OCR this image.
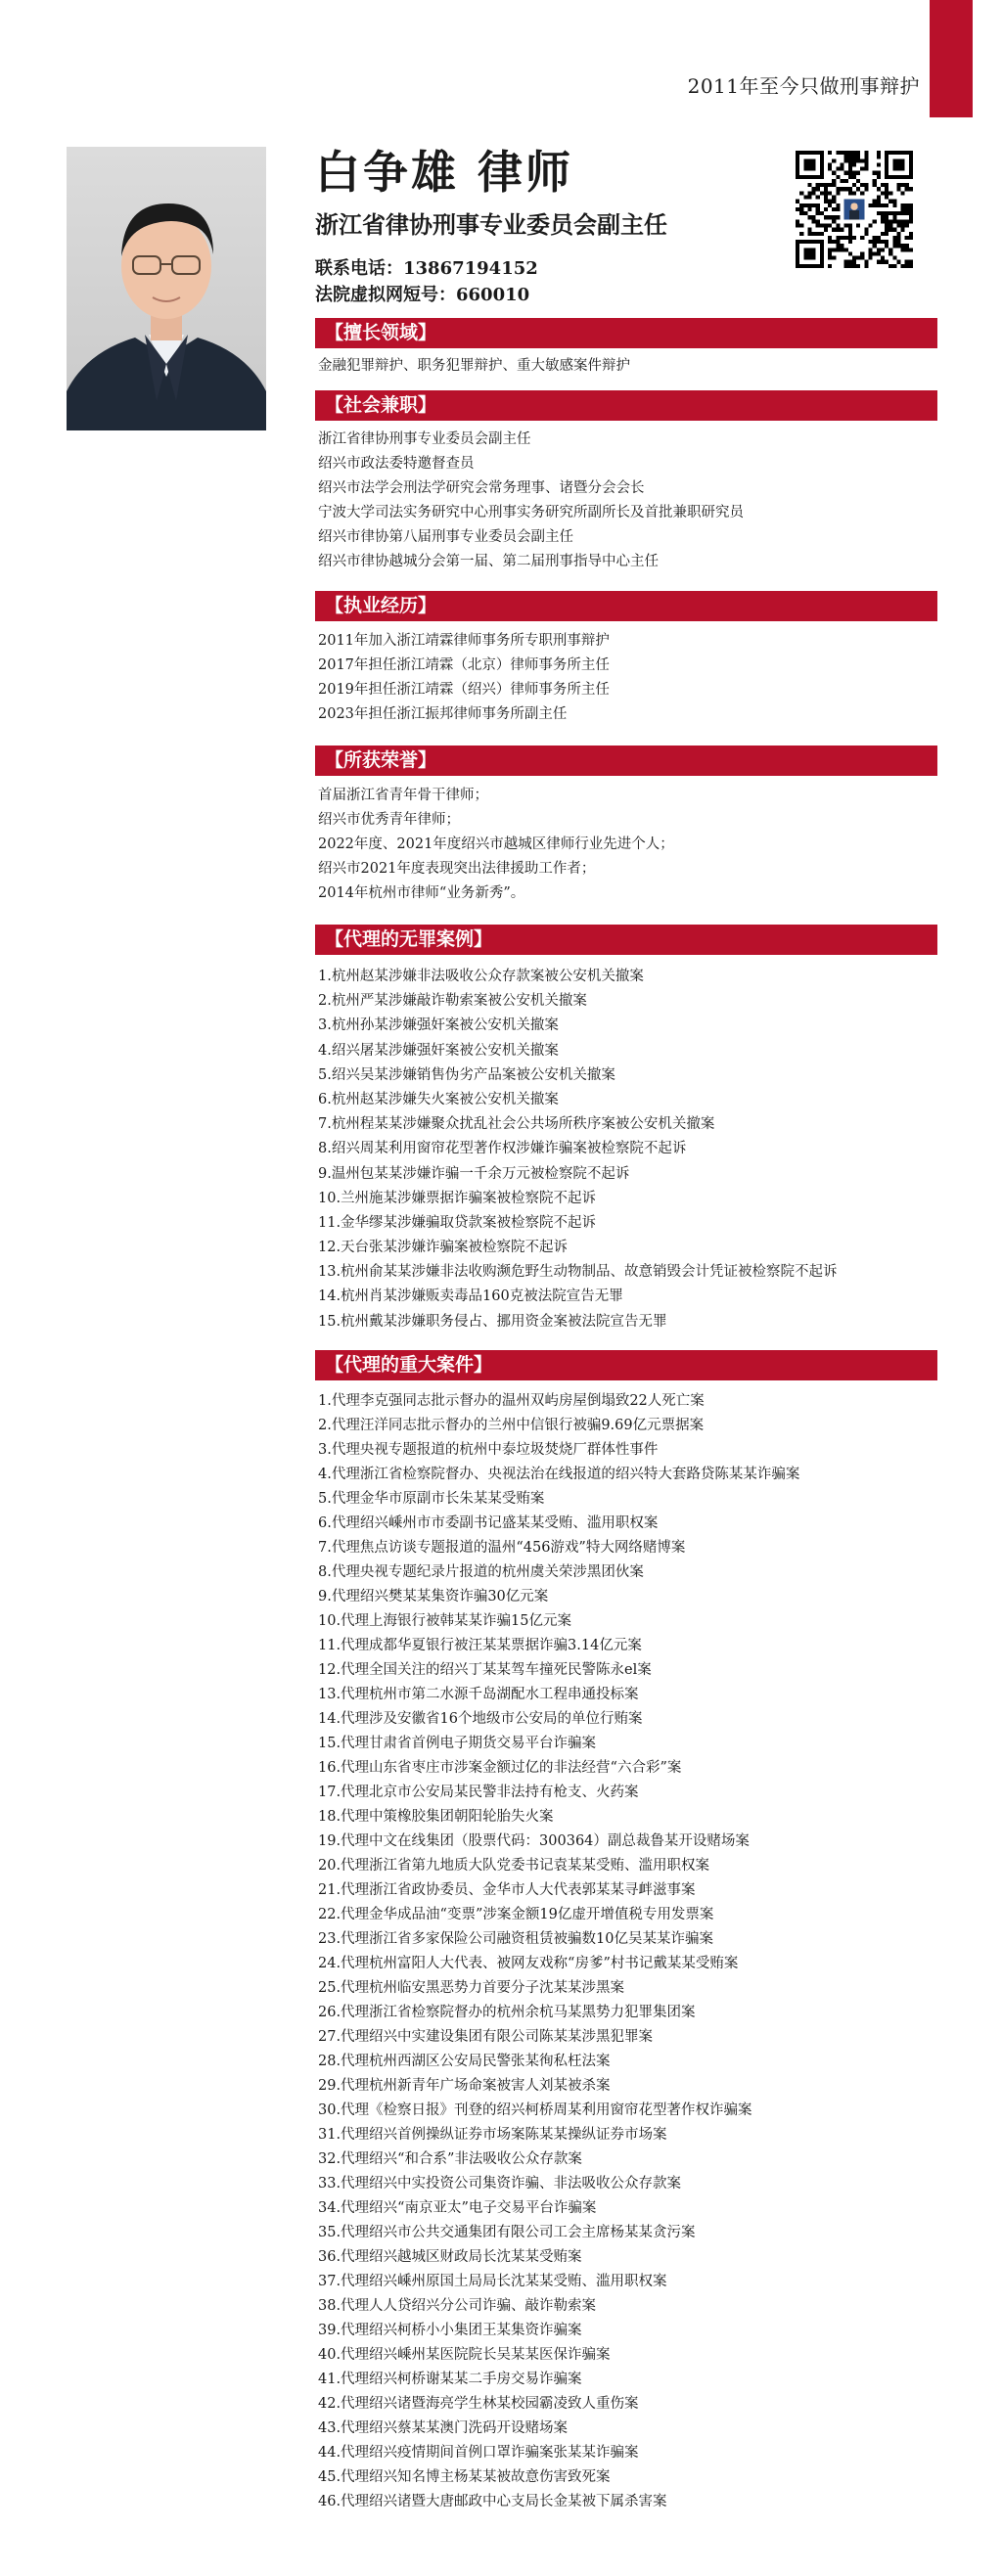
2011年至今只做刑事辩护
白争雄 律师
浙江省律协刑事专业委员会副主任
联系电话：13867194152
法院虚拟网短号：660010
【擅长领域】
金融犯罪辩护、职务犯罪辩护、重大敏感案件辩护
【社会兼职】
浙江省律协刑事专业委员会副主任
绍兴市政法委特邀督查员
绍兴市法学会刑法学研究会常务理事、诸暨分会会长
宁波大学司法实务研究中心刑事实务研究所副所长及首批兼职研究员
绍兴市律协第八届刑事专业委员会副主任
绍兴市律协越城分会第一届、第二届刑事指导中心主任
【执业经历】
2011年加入浙江靖霖律师事务所专职刑事辩护
2017年担任浙江靖霖（北京）律师事务所主任
2019年担任浙江靖霖（绍兴）律师事务所主任
2023年担任浙江振邦律师事务所副主任
【所获荣誉】
首届浙江省青年骨干律师；
绍兴市优秀青年律师；
2022年度、2021年度绍兴市越城区律师行业先进个人；
绍兴市2021年度表现突出法律援助工作者；
2014年杭州市律师“业务新秀”。
【代理的无罪案例】
1.杭州赵某涉嫌非法吸收公众存款案被公安机关撤案
2.杭州严某涉嫌敲诈勒索案被公安机关撤案
3.杭州孙某涉嫌强奸案被公安机关撤案
4.绍兴屠某涉嫌强奸案被公安机关撤案
5.绍兴吴某涉嫌销售伪劣产品案被公安机关撤案
6.杭州赵某涉嫌失火案被公安机关撤案
7.杭州程某某涉嫌聚众扰乱社会公共场所秩序案被公安机关撤案
8.绍兴周某利用窗帘花型著作权涉嫌诈骗案被检察院不起诉
9.温州包某某涉嫌诈骗一千余万元被检察院不起诉
10.兰州施某涉嫌票据诈骗案被检察院不起诉
11.金华缪某涉嫌骗取贷款案被检察院不起诉
12.天台张某涉嫌诈骗案被检察院不起诉
13.杭州俞某某涉嫌非法收购濒危野生动物制品、故意销毁会计凭证被检察院不起诉
14.杭州肖某涉嫌贩卖毒品160克被法院宣告无罪
15.杭州戴某涉嫌职务侵占、挪用资金案被法院宣告无罪
【代理的重大案件】
1.代理李克强同志批示督办的温州双屿房屋倒塌致22人死亡案
2.代理汪洋同志批示督办的兰州中信银行被骗9.69亿元票据案
3.代理央视专题报道的杭州中泰垃圾焚烧厂群体性事件
4.代理浙江省检察院督办、央视法治在线报道的绍兴特大套路贷陈某某诈骗案
5.代理金华市原副市长朱某某受贿案
6.代理绍兴嵊州市市委副书记盛某某受贿、滥用职权案
7.代理焦点访谈专题报道的温州“456游戏”特大网络赌博案
8.代理央视专题纪录片报道的杭州虞关荣涉黑团伙案
9.代理绍兴樊某某集资诈骗30亿元案
10.代理上海银行被韩某某诈骗15亿元案
11.代理成都华夏银行被汪某某票据诈骗3.14亿元案
12.代理全国关注的绍兴丁某某驾车撞死民警陈永el案
13.代理杭州市第二水源千岛湖配水工程串通投标案
14.代理涉及安徽省16个地级市公安局的单位行贿案
15.代理甘肃省首例电子期货交易平台诈骗案
16.代理山东省枣庄市涉案金额过亿的非法经营“六合彩”案
17.代理北京市公安局某民警非法持有枪支、火药案
18.代理中策橡胶集团朝阳轮胎失火案
19.代理中文在线集团（股票代码：300364）副总裁鲁某开设赌场案
20.代理浙江省第九地质大队党委书记袁某某受贿、滥用职权案
21.代理浙江省政协委员、金华市人大代表郭某某寻衅滋事案
22.代理金华成品油“变票”涉案金额19亿虚开增值税专用发票案
23.代理浙江省多家保险公司融资租赁被骗数10亿吴某某诈骗案
24.代理杭州富阳人大代表、被网友戏称“房爹”村书记戴某某受贿案
25.代理杭州临安黑恶势力首要分子沈某某涉黑案
26.代理浙江省检察院督办的杭州余杭马某黑势力犯罪集团案
27.代理绍兴中实建设集团有限公司陈某某涉黑犯罪案
28.代理杭州西湖区公安局民警张某徇私枉法案
29.代理杭州新青年广场命案被害人刘某被杀案
30.代理《检察日报》刊登的绍兴柯桥周某利用窗帘花型著作权诈骗案
31.代理绍兴首例操纵证券市场案陈某某操纵证券市场案
32.代理绍兴“和合系”非法吸收公众存款案
33.代理绍兴中实投资公司集资诈骗、非法吸收公众存款案
34.代理绍兴“南京亚太”电子交易平台诈骗案
35.代理绍兴市公共交通集团有限公司工会主席杨某某贪污案
36.代理绍兴越城区财政局长沈某某受贿案
37.代理绍兴嵊州原国土局局长沈某某受贿、滥用职权案
38.代理人人贷绍兴分公司诈骗、敲诈勒索案
39.代理绍兴柯桥小小集团王某集资诈骗案
40.代理绍兴嵊州某医院院长吴某某医保诈骗案
41.代理绍兴柯桥谢某某二手房交易诈骗案
42.代理绍兴诸暨海亮学生林某校园霸凌致人重伤案
43.代理绍兴蔡某某澳门洗码开设赌场案
44.代理绍兴疫情期间首例口罩诈骗案张某某诈骗案
45.代理绍兴知名博主杨某某被故意伤害致死案
46.代理绍兴诸暨大唐邮政中心支局长金某被下属杀害案
